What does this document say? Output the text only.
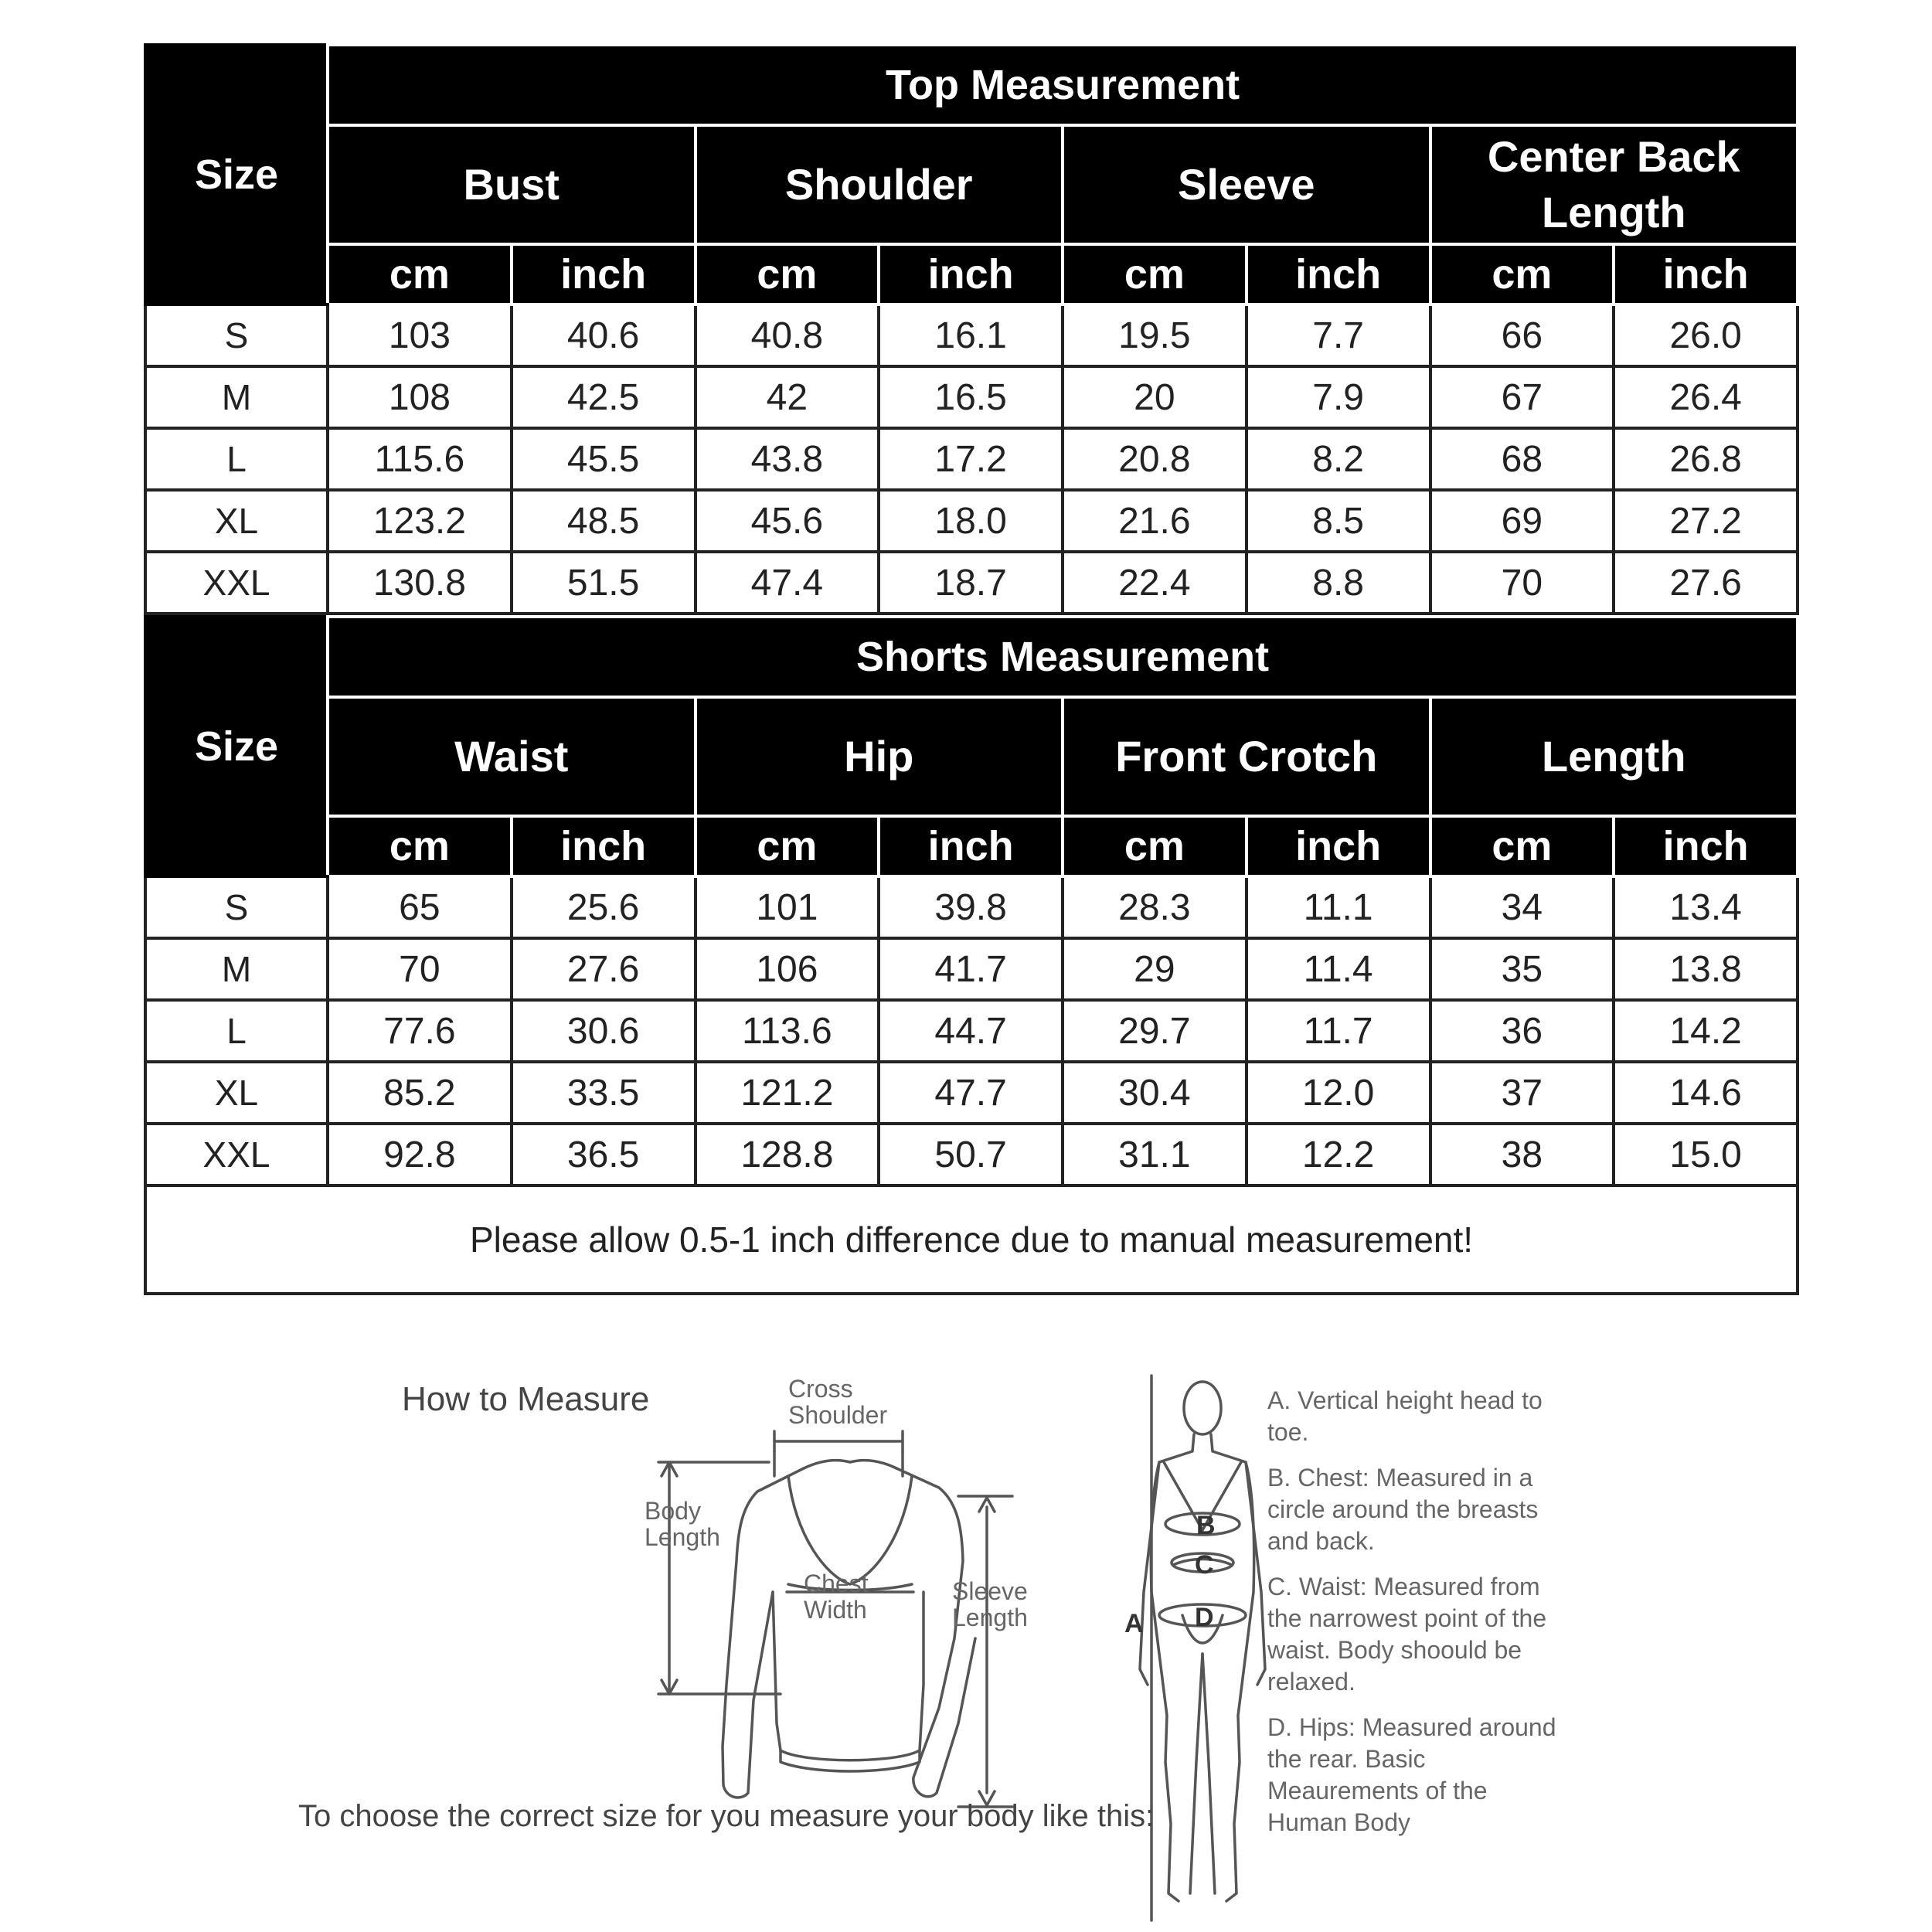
Size	Top Measurement							
	Bust		Shoulder		Sleeve		Center Back Length	
	cm	inch	cm	inch	cm	inch	cm	inch
S	103	40.6	40.8	16.1	19.5	7.7	66	26.0
M	108	42.5	42	16.5	20	7.9	67	26.4
L	115.6	45.5	43.8	17.2	20.8	8.2	68	26.8
XL	123.2	48.5	45.6	18.0	21.6	8.5	69	27.2
XXL	130.8	51.5	47.4	18.7	22.4	8.8	70	27.6
Size	Shorts Measurement							
	Waist		Hip		Front Crotch		Length	
	cm	inch	cm	inch	cm	inch	cm	inch
S	65	25.6	101	39.8	28.3	11.1	34	13.4
M	70	27.6	106	41.7	29	11.4	35	13.8
L	77.6	30.6	113.6	44.7	29.7	11.7	36	14.2
XL	85.2	33.5	121.2	47.7	30.4	12.0	37	14.6
XXL	92.8	36.5	128.8	50.7	31.1	12.2	38	15.0
Please allow 0.5-1 inch difference due to manual measurement!								
B
C
D
A
How to Measure	Cross
Shoulder
Body
Length
Chest
Width
Sleeve
Length
To choose the correct size for you measure your body like this:
A. Vertical height head to toe.
B. Chest: Measured in a circle around the breasts and back.
C. Waist: Measured from the narrowest point of the waist. Body shoould be relaxed.
D. Hips: Measured around the rear. Basic Meaurements of the Human Body
